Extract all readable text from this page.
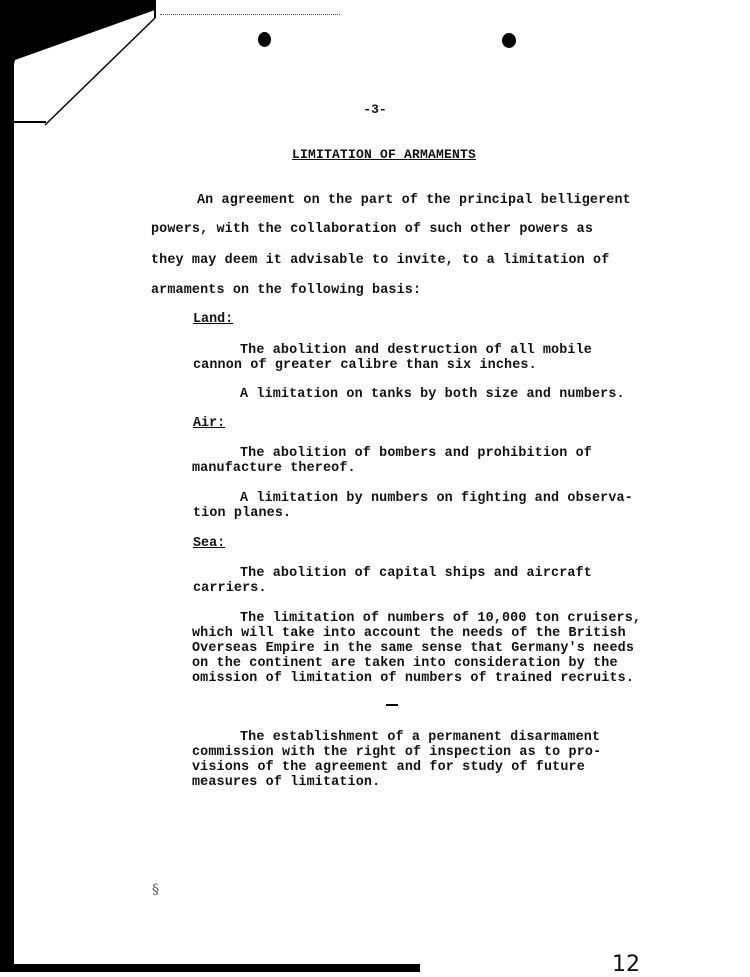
-3-
LIMITATION OF ARMAMENTS
An agreement on the part of the principal belligerent
powers, with the collaboration of such other powers as
they may deem it advisable to invite, to a limitation of
armaments on the following basis:
Land:
The abolition and destruction of all mobile
cannon of greater calibre than six inches.
A limitation on tanks by both size and numbers.
Air:
The abolition of bombers and prohibition of
manufacture thereof.
A limitation by numbers on fighting and observa-
tion planes.
Sea:
The abolition of capital ships and aircraft
carriers.
The limitation of numbers of 10,000 ton cruisers,
which will take into account the needs of the British
Overseas Empire in the same sense that Germany's needs
on the continent are taken into consideration by the
omission of limitation of numbers of trained recruits.
The establishment of a permanent disarmament
commission with the right of inspection as to pro-
visions of the agreement and for study of future
measures of limitation.
§
12
